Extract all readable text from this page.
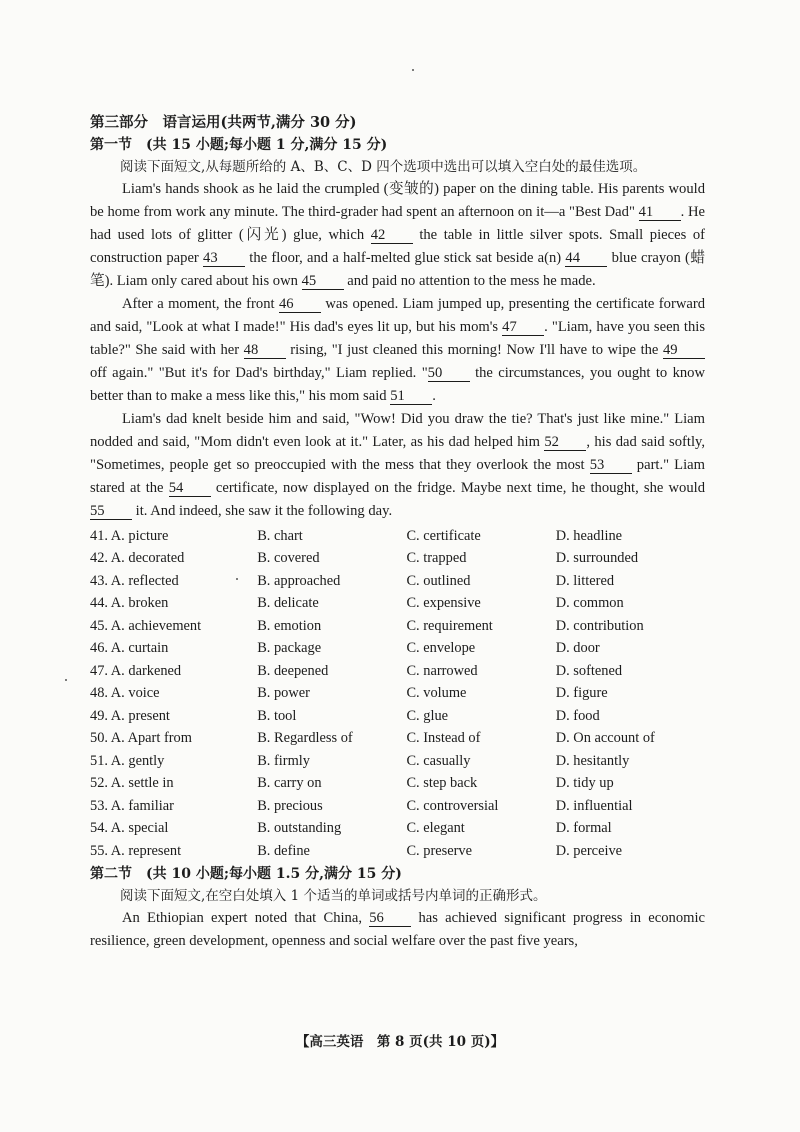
第三部分　语言运用(共两节,满分 30 分)
第一节　(共 15 小题;每小题 1 分,满分 15 分)

阅读下面短文,从每题所给的 A、B、C、D 四个选项中选出可以填入空白处的最佳选项。

Liam's hands shook as he laid the crumpled (变皱的) paper on the dining table. His parents would be home from work any minute. The third-grader had spent an afternoon on it—a "Best Dad" 41 . He had used lots of glitter (闪光) glue, which 42 the table in little silver spots. Small pieces of construction paper 43 the floor, and a half-melted glue stick sat beside a(n) 44 blue crayon (蜡笔). Liam only cared about his own 45 and paid no attention to the mess he made.

After a moment, the front 46 was opened. Liam jumped up, presenting the certificate forward and said, "Look at what I made!" His dad's eyes lit up, but his mom's 47 . "Liam, have you seen this table?" She said with her 48 rising, "I just cleaned this morning! Now I'll have to wipe the 49 off again." "But it's for Dad's birthday," Liam replied. "50 the circumstances, you ought to know better than to make a mess like this," his mom said 51 .

Liam's dad knelt beside him and said, "Wow! Did you draw the tie? That's just like mine." Liam nodded and said, "Mom didn't even look at it." Later, as his dad helped him 52 , his dad said softly, "Sometimes, people get so preoccupied with the mess that they overlook the most 53 part." Liam stared at the 54 certificate, now displayed on the fridge. Maybe next time, he thought, she would 55 it. And indeed, she saw it the following day.

41. A. picture	B. chart	C. certificate	D. headline
42. A. decorated	B. covered	C. trapped	D. surrounded
43. A. reflected	B. approached	C. outlined	D. littered
44. A. broken	B. delicate	C. expensive	D. common
45. A. achievement	B. emotion	C. requirement	D. contribution
46. A. curtain	B. package	C. envelope	D. door
47. A. darkened	B. deepened	C. narrowed	D. softened
48. A. voice	B. power	C. volume	D. figure
49. A. present	B. tool	C. glue	D. food
50. A. Apart from	B. Regardless of	C. Instead of	D. On account of
51. A. gently	B. firmly	C. casually	D. hesitantly
52. A. settle in	B. carry on	C. step back	D. tidy up
53. A. familiar	B. precious	C. controversial	D. influential
54. A. special	B. outstanding	C. elegant	D. formal
55. A. represent	B. define	C. preserve	D. perceive
第二节　(共 10 小题;每小题 1.5 分,满分 15 分)

阅读下面短文,在空白处填入 1 个适当的单词或括号内单词的正确形式。

An Ethiopian expert noted that China, 56 has achieved significant progress in economic resilience, green development, openness and social welfare over the past five years,

【高三英语　第 8 页(共 10 页)】
